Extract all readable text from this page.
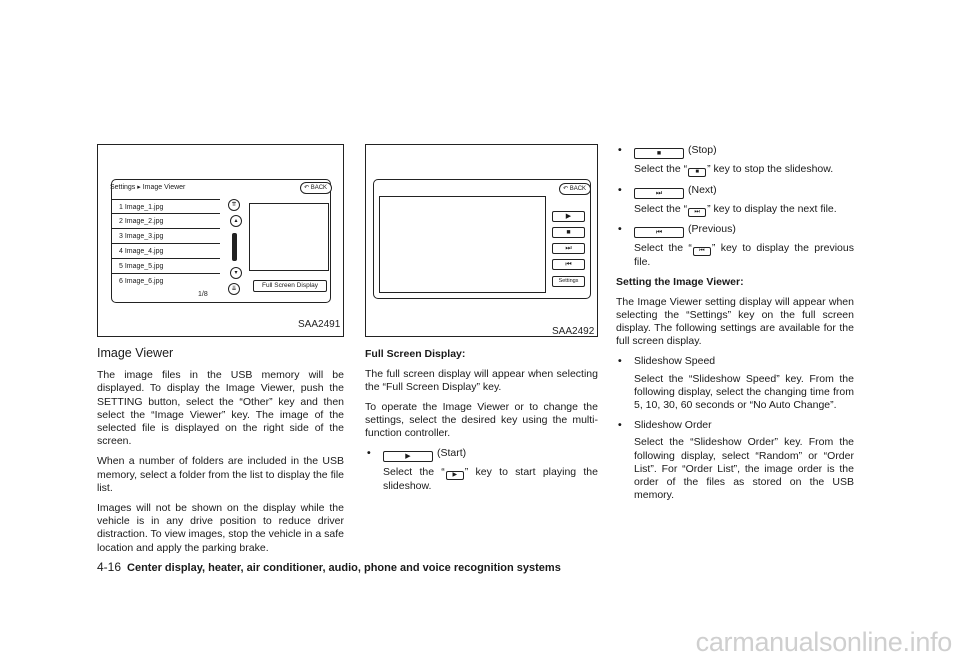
Settings ▸ Image Viewer	↶ BACK
1 Image_1.jpg
2 Image_2.jpg
3 Image_3.jpg
4 Image_4.jpg
5 Image_5.jpg
6 Image_6.jpg
1/8
⇈
▴
▾
⇊	Full Screen Display
SAA2491
↶ BACK
▶
■
⏭
⏮
Settings
SAA2492
Image Viewer

The image files in the USB memory will be displayed. To display the Image Viewer, push the SETTING button, select the “Other” key and then select the “Image Viewer” key. The image of the selected file is displayed on the right side of the screen.

When a number of folders are included in the USB memory, select a folder from the list to display the file list.

Images will not be shown on the display while the vehicle is in any drive position to reduce driver distraction. To view images, stop the vehicle in a safe location and apply the parking brake.

Full Screen Display:

The full screen display will appear when selecting the “Full Screen Display” key.

To operate the Image Viewer or to change the settings, select the desired key using the multi-function controller.

•	▶	(Start)
Select the “ ▶ ” key to start playing the slideshow.
•	■	(Stop)
Select the “ ■ ” key to stop the slideshow.
•	⏭ (Next)
Select the “ ⏭ ” key to display the next file.
•	⏮ (Previous)
Select the “ ⏮ ” key to display the previous file.
Setting the Image Viewer:

The Image Viewer setting display will appear when selecting the “Settings” key on the full screen display. The following settings are available for the full screen display.

• Slideshow Speed
Select the “Slideshow Speed” key. From the following display, select the changing time from 5, 10, 30, 60 seconds or “No Auto Change”.
• Slideshow Order
Select the “Slideshow Order” key. From the following display, select “Random” or “Order List”. For “Order List”, the image order is the order of the files as stored on the USB memory.
4-16 Center display, heater, air conditioner, audio, phone and voice recognition systems
carmanualsonline.info
